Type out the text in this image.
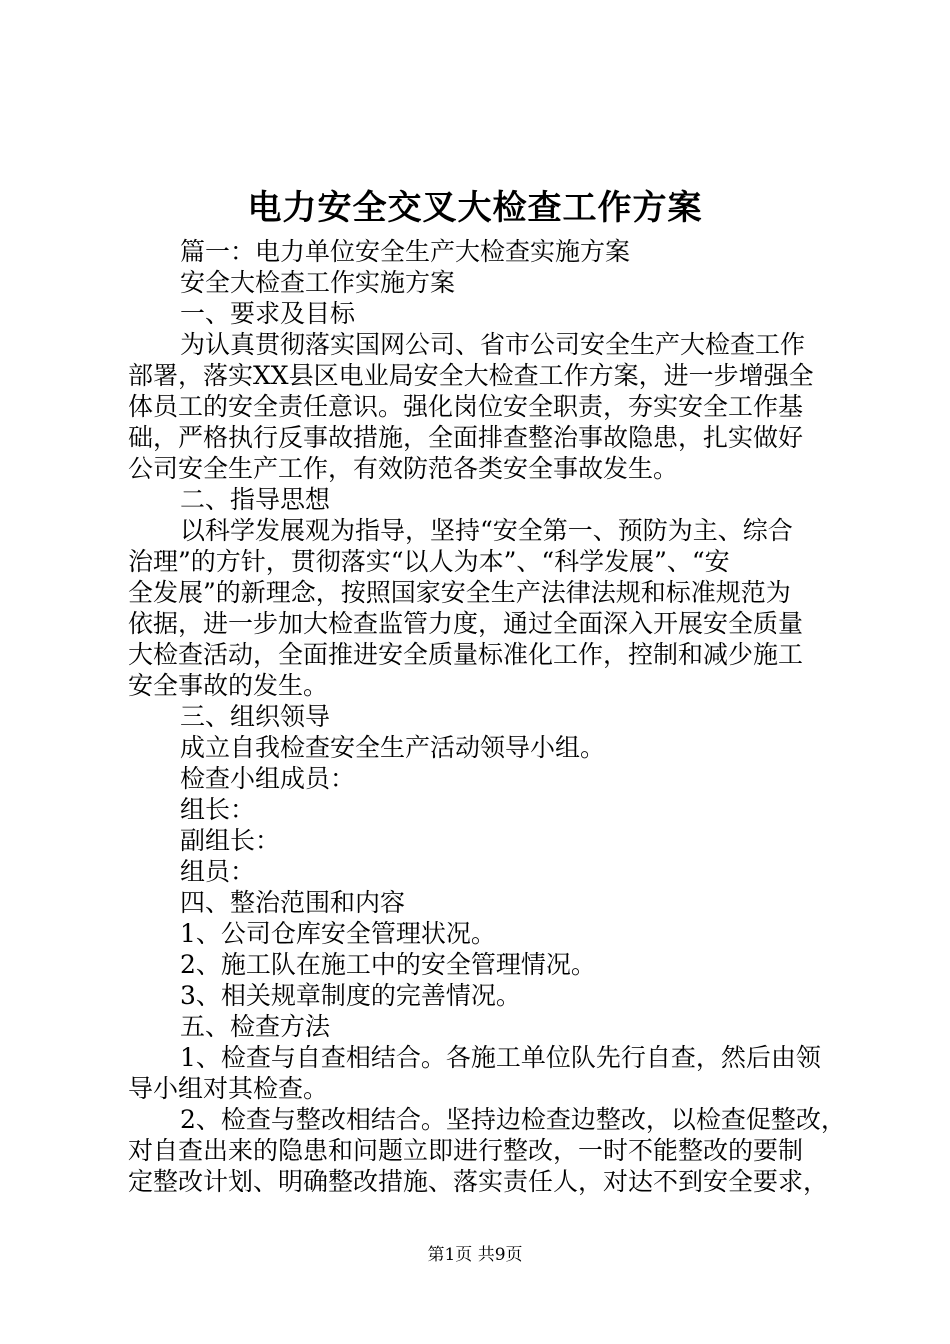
电力安全交叉大检查工作方案
篇一：电力单位安全生产大检查实施方案
安全大检查工作实施方案
一、要求及目标
为认真贯彻落实国网公司、省市公司安全生产大检查工作
部署，落实XX县区电业局安全大检查工作方案，进一步增强全
体员工的安全责任意识。强化岗位安全职责，夯实安全工作基
础，严格执行反事故措施，全面排查整治事故隐患，扎实做好
公司安全生产工作，有效防范各类安全事故发生。
二、指导思想
以科学发展观为指导，坚持“安全第一、预防为主、综合
治理”的方针，贯彻落实“以人为本”、“科学发展”、“安
全发展”的新理念，按照国家安全生产法律法规和标准规范为
依据，进一步加大检查监管力度，通过全面深入开展安全质量
大检查活动，全面推进安全质量标准化工作，控制和减少施工
安全事故的发生。
三、组织领导
成立自我检查安全生产活动领导小组。
检查小组成员：
组长：
副组长：
组员：
四、整治范围和内容
1、公司仓库安全管理状况。
2、施工队在施工中的安全管理情况。
3、相关规章制度的完善情况。
五、检查方法
1、检查与自查相结合。各施工单位队先行自查，然后由领
导小组对其检查。
2、检查与整改相结合。坚持边检查边整改，以检查促整改，
对自查出来的隐患和问题立即进行整改，一时不能整改的要制
定整改计划、明确整改措施、落实责任人，对达不到安全要求，
第1页 共9页
